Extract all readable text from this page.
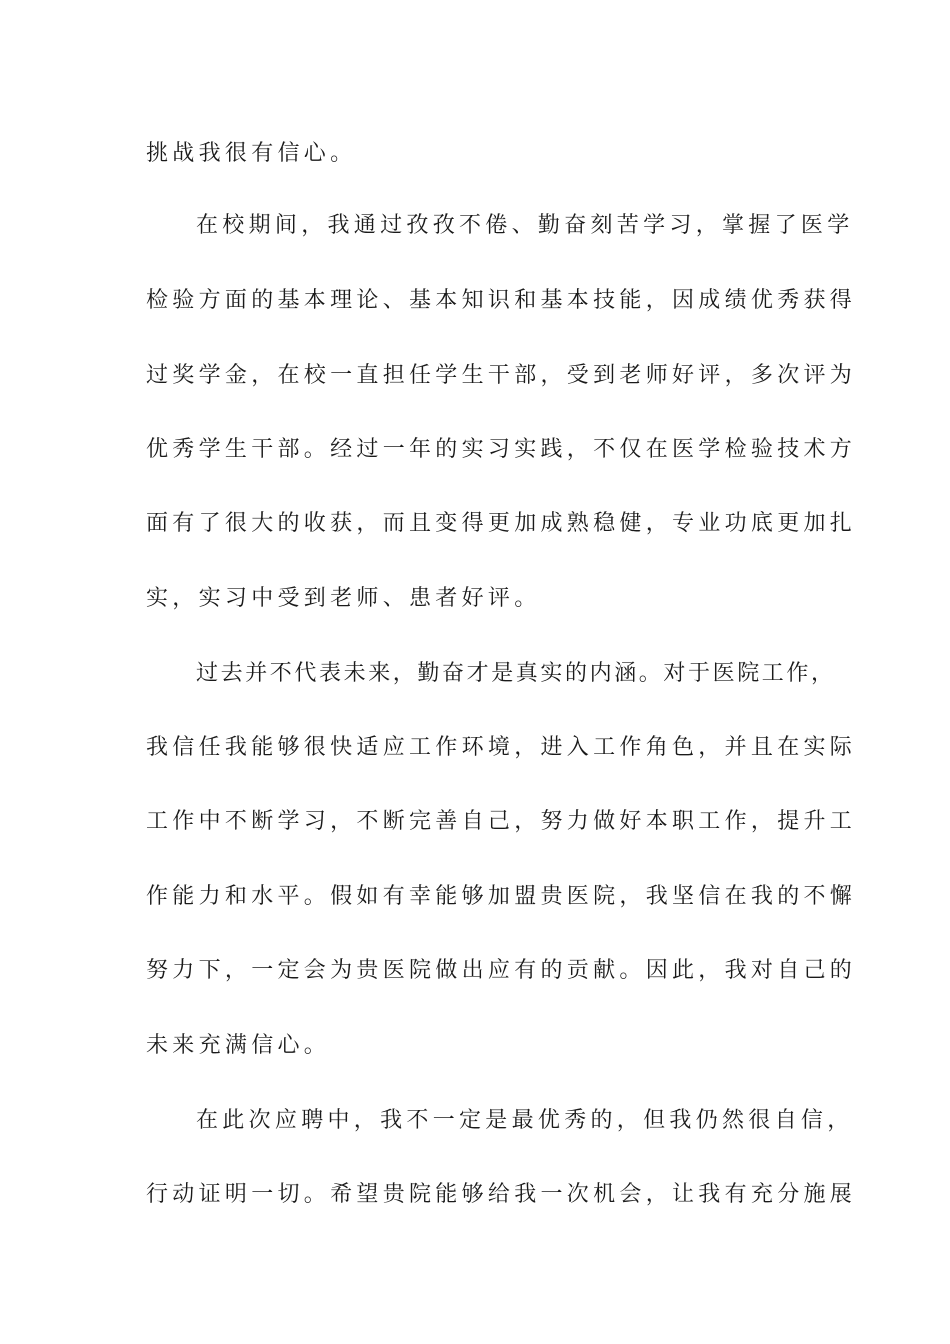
挑战我很有信心。
在校期间，我通过孜孜不倦、勤奋刻苦学习，掌握了医学
检验方面的基本理论、基本知识和基本技能，因成绩优秀获得
过奖学金，在校一直担任学生干部，受到老师好评，多次评为
优秀学生干部。经过一年的实习实践，不仅在医学检验技术方
面有了很大的收获，而且变得更加成熟稳健，专业功底更加扎
实，实习中受到老师、患者好评。
过去并不代表未来，勤奋才是真实的内涵。对于医院工作，
我信任我能够很快适应工作环境，进入工作角色，并且在实际
工作中不断学习，不断完善自己，努力做好本职工作，提升工
作能力和水平。假如有幸能够加盟贵医院，我坚信在我的不懈
努力下，一定会为贵医院做出应有的贡献。因此，我对自己的
未来充满信心。
在此次应聘中，我不一定是最优秀的，但我仍然很自信，
行动证明一切。希望贵院能够给我一次机会，让我有充分施展
